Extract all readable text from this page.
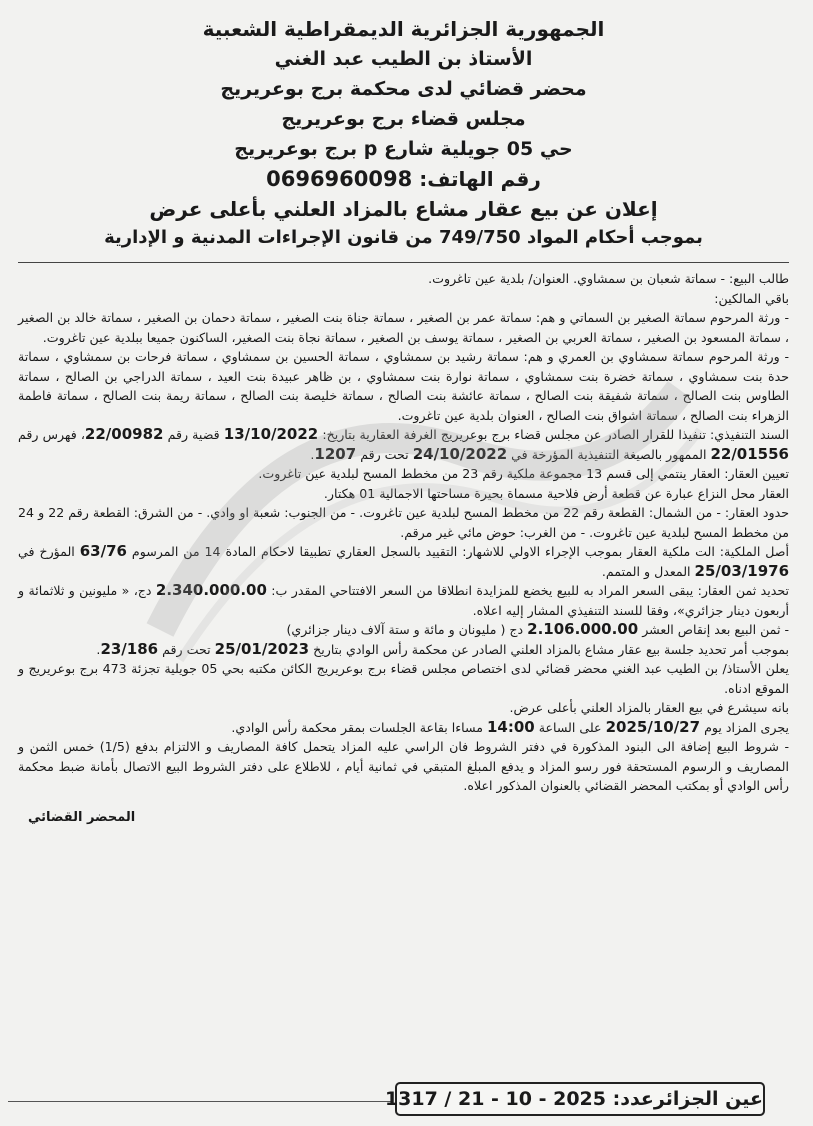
الجمهورية الجزائرية الديمقراطية الشعبية
الأستاذ بن الطيب عبد الغني
محضر قضائي لدى محكمة برج بوعريريج
مجلس قضاء برج بوعريريج
حي 05 جويلية شارع p برج بوعريريج
رقم الهاتف: 0696960098
إعلان عن بيع عقار مشاع بالمزاد العلني بأعلى عرض
بموجب أحكام المواد 749/750 من قانون الإجراءات المدنية و الإدارية

طالب البيع: - سماتة شعبان بن سمشاوي. العنوان/ بلدية عين تاغروت.

باقي المالكين:

- ورثة المرحوم سماتة الصغير بن السماتي و هم: سماتة عمر بن الصغير ، سماتة جناة بنت الصغير ، سماتة دحمان بن الصغير ، سماتة خالد بن الصغير ، سماتة المسعود بن الصغير ، سماتة العربي بن الصغير ، سماتة يوسف بن الصغير ، سماتة نجاة بنت الصغير، الساكنون جميعا ببلدية عين تاغروت.

- ورثة المرحوم سماتة سمشاوي بن العمري و هم: سماتة رشيد بن سمشاوي ، سماتة الحسين بن سمشاوي ، سماتة فرحات بن سمشاوي ، سماتة حدة بنت سمشاوي ، سماتة خضرة بنت سمشاوي ، سماتة نوارة بنت سمشاوي ، بن ظاهر عبيدة بنت العيد ، سماتة الدراجي بن الصالح ، سماتة الطاوس بنت الصالح ، سماتة شفيقة بنت الصالح ، سماتة عائشة بنت الصالح ، سماتة خليصة بنت الصالح ، سماتة ريمة بنت الصالح ، سماتة فاطمة الزهراء بنت الصالح ، سماتة اشواق بنت الصالح ، العنوان بلدية عين تاغروت.

السند التنفيذي: تنفيذا للقرار الصادر عن مجلس قضاء برج بوعريريج الغرفة العقارية بتاريخ: 13/10/2022 قضية رقم 22/00982، فهرس رقم 22/01556 الممهور بالصيغة التنفيذية المؤرخة في 24/10/2022 تحت رقم 1207.

تعيين العقار: العقار ينتمي إلى قسم 13 مجموعة ملكية رقم 23 من مخطط المسح لبلدية عين تاغروت.

العقار محل النزاع عبارة عن قطعة أرض فلاحية مسماة بحيرة مساحتها الاجمالية 01 هكتار.

حدود العقار: - من الشمال: القطعة رقم 22 من مخطط المسح لبلدية عين تاغروت. - من الجنوب: شعبة او وادي. - من الشرق: القطعة رقم 22 و 24 من مخطط المسح لبلدية عين تاغروت. - من الغرب: حوض مائي غير مرقم.

أصل الملكية: الت ملكية العقار بموجب الإجراء الاولي للاشهار: التقييد بالسجل العقاري تطبيقا لاحكام المادة 14 من المرسوم 63/76 المؤرخ في 25/03/1976 المعدل و المتمم.

تحديد ثمن العقار: يبقى السعر المراد به للبيع يخضع للمزايدة انطلاقا من السعر الافتتاحي المقدر ب: 2.340.000.00 دج، « مليونين و ثلاثمائة و أربعون دينار جزائري»، وفقا للسند التنفيذي المشار إليه اعلاه.

- ثمن البيع بعد إنقاص العشر 2.106.000.00 دج ( مليونان و مائة و ستة آلاف دينار جزائري)

بموجب أمر تحديد جلسة بيع عقار مشاع بالمزاد العلني الصادر عن محكمة رأس الوادي بتاريخ 25/01/2023 تحت رقم 23/186.

يعلن الأستاذ/ بن الطيب عبد الغني محضر قضائي لدى اختصاص مجلس قضاء برج بوعريريج الكائن مكتبه بحي 05 جويلية تجزئة 473 برج بوعريريج و الموقع ادناه.

بانه سيشرع في بيع العقار بالمزاد العلني بأعلى عرض.

يجرى المزاد يوم 2025/10/27 على الساعة 14:00 مساءا بقاعة الجلسات بمقر محكمة رأس الوادي.

- شروط البيع إضافة الى البنود المذكورة في دفتر الشروط فان الراسي عليه المزاد يتحمل كافة المصاريف و الالتزام بدفع (1/5) خمس الثمن و المصاريف و الرسوم المستحقة فور رسو المزاد و يدفع المبلغ المتبقي في ثمانية أيام ، للاطلاع على دفتر الشروط البيع الاتصال بأمانة ضبط محكمة رأس الوادي أو بمكتب المحضر القضائي بالعنوان المذكور اعلاه.

المحضر القضائي
عين الجزائرعدد: 1317 / 21 - 10 - 2025
